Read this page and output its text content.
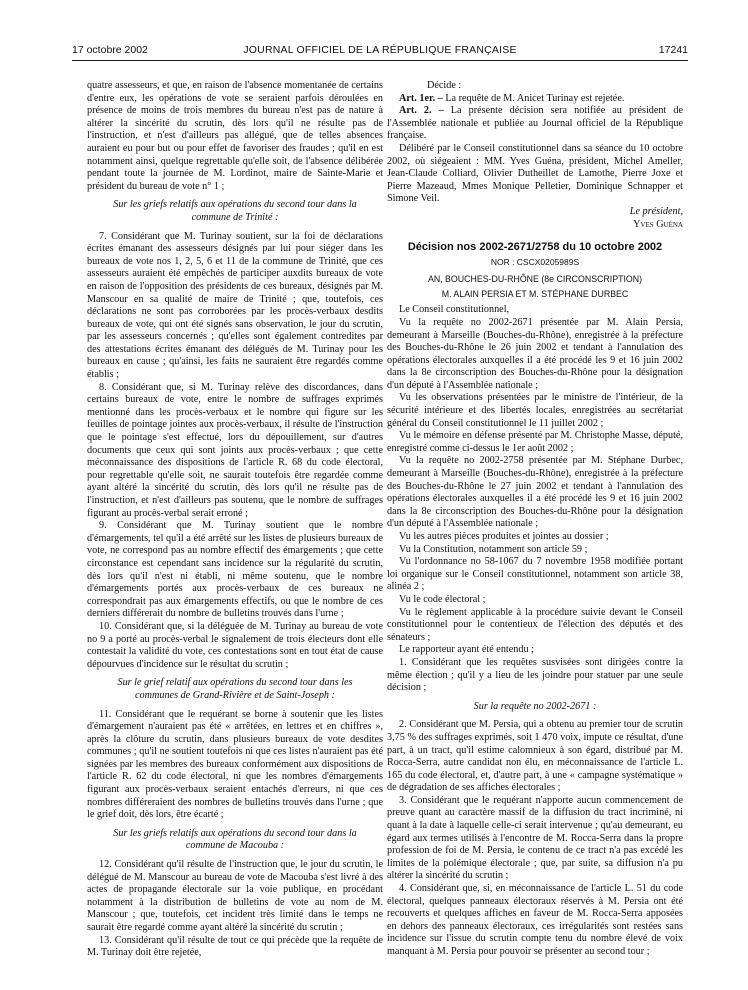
17 octobre 2002	JOURNAL OFFICIEL DE LA RÉPUBLIQUE FRANÇAISE	17241

quatre assesseurs, et que, en raison de l'absence momentanée de certains d'entre eux, les opérations de vote se seraient parfois déroulées en présence de moins de trois membres du bureau n'est pas de nature à altérer la sincérité du scrutin, dès lors qu'il ne résulte pas de l'instruction, et n'est d'ailleurs pas allégué, que de telles absences auraient eu pour but ou pour effet de favoriser des fraudes ; qu'il en est notamment ainsi, quelque regrettable qu'elle soit, de l'absence délibérée pendant toute la journée de M. Lordinot, maire de Sainte-Marie et président du bureau de vote n° 1 ;

Sur les griefs relatifs aux opérations du second tour dans la commune de Trinité :

7. Considérant que M. Turinay soutient, sur la foi de déclarations écrites émanant des assesseurs désignés par lui pour siéger dans les bureaux de vote nos 1, 2, 5, 6 et 11 de la commune de Trinité, que ces assesseurs auraient été empêchés de participer auxdits bureaux de vote en raison de l'opposition des présidents de ces bureaux, désignés par M. Manscour en sa qualité de maire de Trinité ; que, toutefois, ces déclarations ne sont pas corroborées par les procès-verbaux desdits bureaux de vote, qui ont été signés sans observation, le jour du scrutin, par les assesseurs concernés ; qu'elles sont également contredites par des attestations écrites émanant des délégués de M. Turinay pour les bureaux en cause ; qu'ainsi, les faits ne sauraient être regardés comme établis ;

8. Considérant que, si M. Turinay relève des discordances, dans certains bureaux de vote, entre le nombre de suffrages exprimés mentionné dans les procès-verbaux et le nombre qui figure sur les feuilles de pointage jointes aux procès-verbaux, il résulte de l'instruction que le pointage s'est effectué, lors du dépouillement, sur d'autres documents que ceux qui sont joints aux procès-verbaux ; que cette méconnaissance des dispositions de l'article R. 68 du code électoral, pour regrettable qu'elle soit, ne saurait toutefois être regardée comme ayant altéré la sincérité du scrutin, dès lors qu'il ne résulte pas de l'instruction, et n'est d'ailleurs pas soutenu, que le nombre de suffrages figurant au procès-verbal serait erroné ;

9. Considérant que M. Turinay soutient que le nombre d'émargements, tel qu'il a été arrêté sur les listes de plusieurs bureaux de vote, ne correspond pas au nombre effectif des émargements ; que cette circonstance est cependant sans incidence sur la régularité du scrutin, dès lors qu'il n'est ni établi, ni même soutenu, que le nombre d'émargements portés aux procès-verbaux de ces bureaux ne correspondrait pas aux émargements effectifs, ou que le nombre de ces derniers différerait du nombre de bulletins trouvés dans l'urne ;

10. Considérant que, si la déléguée de M. Turinay au bureau de vote no 9 a porté au procès-verbal le signalement de trois électeurs dont elle contestait la validité du vote, ces contestations sont en tout état de cause dépourvues d'incidence sur le résultat du scrutin ;

Sur le grief relatif aux opérations du second tour dans les communes de Grand-Rivière et de Saint-Joseph :

11. Considérant que le requérant se borne à soutenir que les listes d'émargement n'auraient pas été « arrêtées, en lettres et en chiffres », après la clôture du scrutin, dans plusieurs bureaux de vote desdites communes ; qu'il ne soutient toutefois ni que ces listes n'auraient pas été signées par les membres des bureaux conformément aux dispositions de l'article R. 62 du code électoral, ni que les nombres d'émargements figurant aux procès-verbaux seraient entachés d'erreurs, ni que ces nombres différeraient des nombres de bulletins trouvés dans l'urne ; que le grief doit, dès lors, être écarté ;

Sur les griefs relatifs aux opérations du second tour dans la commune de Macouba :

12. Considérant qu'il résulte de l'instruction que, le jour du scrutin, le délégué de M. Manscour au bureau de vote de Macouba s'est livré à des actes de propagande électorale sur la voie publique, en procédant notamment à la distribution de bulletins de vote au nom de M. Manscour ; que, toutefois, cet incident très limité dans le temps ne saurait être regardé comme ayant altéré la sincérité du scrutin ;

13. Considérant qu'il résulte de tout ce qui précède que la requête de M. Turinay doit être rejetée,

Décide :

Art. 1er. – La requête de M. Anicet Turinay est rejetée.

Art. 2. – La présente décision sera notifiée au président de l'Assemblée nationale et publiée au Journal officiel de la République française.

Délibéré par le Conseil constitutionnel dans sa séance du 10 octobre 2002, où siégeaient : MM. Yves Guéna, président, Michel Ameller, Jean-Claude Colliard, Olivier Dutheillet de Lamothe, Pierre Joxe et Pierre Mazeaud, Mmes Monique Pelletier, Dominique Schnapper et Simone Veil.

Le président,

Yves Guéna

Décision nos 2002-2671/2758 du 10 octobre 2002
NOR : CSCX0205989S
AN, BOUCHES-DU-RHÔNE (8e CIRCONSCRIPTION)
M. ALAIN PERSIA ET M. STÉPHANE DURBEC

Le Conseil constitutionnel,

Vu la requête no 2002-2671 présentée par M. Alain Persia, demeurant à Marseille (Bouches-du-Rhône), enregistrée à la préfecture des Bouches-du-Rhône le 26 juin 2002 et tendant à l'annulation des opérations électorales auxquelles il a été procédé les 9 et 16 juin 2002 dans la 8e circonscription des Bouches-du-Rhône pour la désignation d'un député à l'Assemblée nationale ;

Vu les observations présentées par le ministre de l'intérieur, de la sécurité intérieure et des libertés locales, enregistrées au secrétariat général du Conseil constitutionnel le 11 juillet 2002 ;

Vu le mémoire en défense présenté par M. Christophe Masse, député, enregistré comme ci-dessus le 1er août 2002 ;

Vu la requête no 2002-2758 présentée par M. Stéphane Durbec, demeurant à Marseille (Bouches-du-Rhône), enregistrée à la préfecture des Bouches-du-Rhône le 27 juin 2002 et tendant à l'annulation des opérations électorales auxquelles il a été procédé les 9 et 16 juin 2002 dans la 8e circonscription des Bouches-du-Rhône pour la désignation d'un député à l'Assemblée nationale ;

Vu les autres pièces produites et jointes au dossier ;

Vu la Constitution, notamment son article 59 ;

Vu l'ordonnance no 58-1067 du 7 novembre 1958 modifiée portant loi organique sur le Conseil constitutionnel, notamment son article 38, alinéa 2 ;

Vu le code électoral ;

Vu le règlement applicable à la procédure suivie devant le Conseil constitutionnel pour le contentieux de l'élection des députés et des sénateurs ;

Le rapporteur ayant été entendu ;

1. Considérant que les requêtes susvisées sont dirigées contre la même élection ; qu'il y a lieu de les joindre pour statuer par une seule décision ;

Sur la requête no 2002-2671 :

2. Considérant que M. Persia, qui a obtenu au premier tour de scrutin 3,75 % des suffrages exprimés, soit 1 470 voix, impute ce résultat, d'une part, à un tract, qu'il estime calomnieux à son égard, distribué par M. Rocca-Serra, autre candidat non élu, en méconnaissance de l'article L. 165 du code électoral, et, d'autre part, à une « campagne systématique » de dégradation de ses affiches électorales ;

3. Considérant que le requérant n'apporte aucun commencement de preuve quant au caractère massif de la diffusion du tract incriminé, ni quant à la date à laquelle celle-ci serait intervenue ; qu'au demeurant, eu égard aux termes utilisés à l'encontre de M. Rocca-Serra dans la propre profession de foi de M. Persia, le contenu de ce tract n'a pas excédé les limites de la polémique électorale ; que, par suite, sa diffusion n'a pu altérer la sincérité du scrutin ;

4. Considérant que, si, en méconnaissance de l'article L. 51 du code électoral, quelques panneaux électoraux réservés à M. Persia ont été recouverts et quelques affiches en faveur de M. Rocca-Serra apposées en dehors des panneaux électoraux, ces irrégularités sont restées sans incidence sur l'issue du scrutin compte tenu du nombre élevé de voix manquant à M. Persia pour pouvoir se présenter au second tour ;
